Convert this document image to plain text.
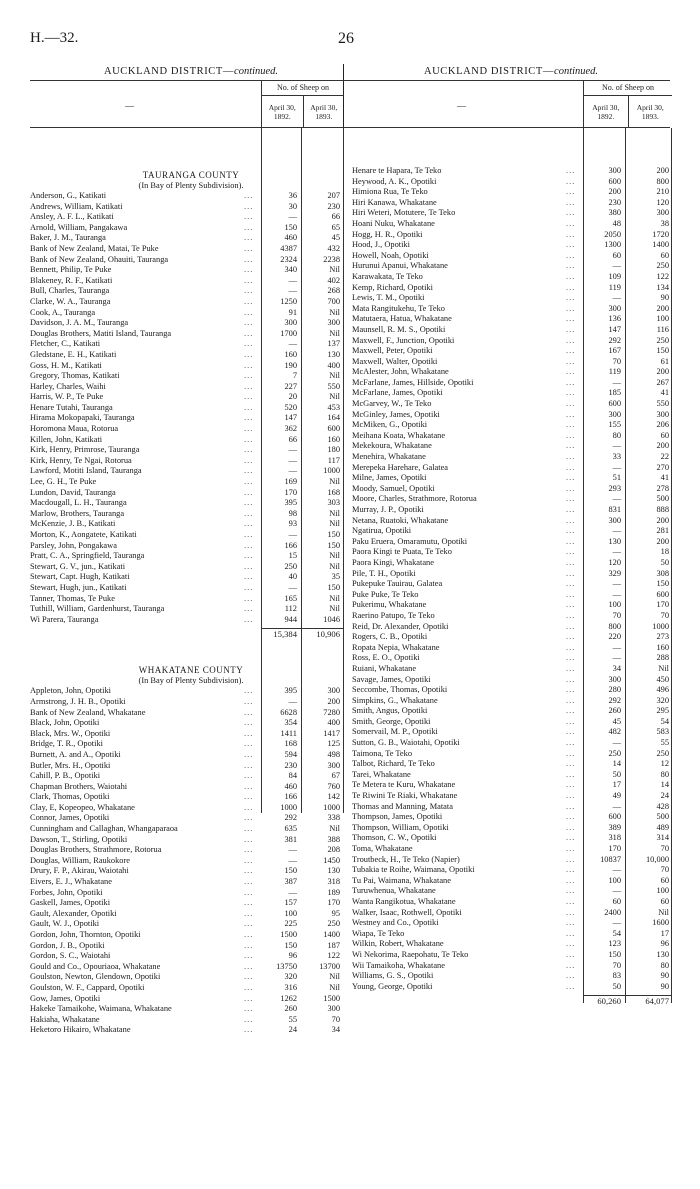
H.—32.	26
AUCKLAND DISTRICT—continued.
—
No. of Sheep on
April 30, 1892.
April 30, 1893.
TAURANGA COUNTY
(In Bay of Plenty Subdivision).
Anderson, G., Katikati	...	36	207
Andrews, William, Katikati	...	30	230
Ansley, A. F. L., Katikati	...	—	66
Arnold, William, Pangakawa	...	150	65
Baker, J. M., Tauranga	...	460	45
Bank of New Zealand, Matai, Te Puke	...	4387	432
Bank of New Zealand, Ohauiti, Tauranga	...	2324	2238
Bennett, Philip, Te Puke	...	340	Nil
Blakeney, R. F., Katikati	...	—	402
Bull, Charles, Tauranga	...	—	268
Clarke, W. A., Tauranga	...	1250	700
Cook, A., Tauranga	...	91	Nil
Davidson, J. A. M., Tauranga	...	300	300
Douglas Brothers, Matiti Island, Tauranga	...	1700	Nil
Fletcher, C., Katikati	...	—	137
Gledstane, E. H., Katikati	...	160	130
Goss, H. M., Katikati	...	190	400
Gregory, Thomas, Katikati	...	7	Nil
Harley, Charles, Waihi	...	227	550
Harris, W. P., Te Puke	...	20	Nil
Henare Tutahi, Tauranga	...	520	453
Hirama Mokopapaki, Tauranga	...	147	164
Horomona Maua, Rotorua	...	362	600
Killen, John, Katikati	...	66	160
Kirk, Henry, Primrose, Tauranga	...	—	180
Kirk, Henry, Te Ngai, Rotorua	...	—	117
Lawford, Motiti Island, Tauranga	...	—	1000
Lee, G. H., Te Puke	...	169	Nil
Lundon, David, Tauranga	...	170	168
Macdougall, L. H., Tauranga	...	395	303
Marlow, Brothers, Tauranga	...	98	Nil
McKenzie, J. B., Katikati	...	93	Nil
Morton, K., Aongatete, Katikati	...	—	150
Parsley, John, Pongakawa	...	166	150
Pratt, C. A., Springfield, Tauranga	...	15	Nil
Stewart, G. V., jun., Katikati	...	250	Nil
Stewart, Capt. Hugh, Katikati	...	40	35
Stewart, Hugh, jun., Katikati	...	—	150
Tanner, Thomas, Te Puke	...	165	Nil
Tuthill, William, Gardenhurst, Tauranga	...	112	Nil
Wi Parera, Tauranga	...	944	1046
15,384	10,906
WHAKATANE COUNTY
(In Bay of Plenty Subdivision).
Appleton, John, Opotiki	...	395	300
Armstrong, J. H. B., Opotiki	...	—	200
Bank of New Zealand, Whakatane	...	6628	7280
Black, John, Opotiki	...	354	400
Black, Mrs. W., Opotiki	...	1411	1417
Bridge, T. R., Opotiki	...	168	125
Burnett, A. and A., Opotiki	...	594	498
Butler, Mrs. H., Opotiki	...	230	300
Cahill, P. B., Opotiki	...	84	67
Chapman Brothers, Waiotahi	...	460	760
Clark, Thomas, Opotiki	...	166	142
Clay, E, Kopeopeo, Whakatane	...	1000	1000
Connor, James, Opotiki	...	292	338
Cunningham and Callaghan, Whangaparaoa	...	635	Nil
Dawson, T., Stirling, Opotiki	...	381	388
Douglas Brothers, Strathmore, Rotorua	...	—	208
Douglas, William, Raukokore	...	—	1450
Drury, F. P., Akirau, Waiotahi	...	150	130
Eivers, E. J., Whakatane	...	387	318
Forbes, John, Opotiki	...	—	189
Gaskell, James, Opotiki	...	157	170
Gault, Alexander, Opotiki	...	100	95
Gault, W. J., Opotiki	...	225	250
Gordon, John, Thornton, Opotiki	...	1500	1400
Gordon, J. B., Opotiki	...	150	187
Gordon, S. C., Waiotahi	...	96	122
Gould and Co., Opouriaoa, Whakatane	...	13750	13700
Goulston, Newton, Glendown, Opotiki	...	320	Nil
Goulston, W. F., Cappard, Opotiki	...	316	Nil
Gow, James, Opotiki	...	1262	1500
Hakeke Tamaikohe, Waimana, Whakatane	...	260	300
Hakiaha, Whakatane	...	55	70
Heketoro Hikairo, Whakatane	...	24	34
AUCKLAND DISTRICT—continued.
—
No. of Sheep on
April 30, 1892.
April 30, 1893.
Henare te Hapara, Te Teko	...	300	200
Heywood, A. K., Opotiki	...	600	800
Himiona Rua, Te Teko	...	200	210
Hiri Kanawa, Whakatane	...	230	120
Hiri Weteri, Motutere, Te Teko	...	380	300
Hoani Nuku, Whakatane	...	48	38
Hogg, H. R., Opotiki	...	2050	1720
Hood, J., Opotiki	...	1300	1400
Howell, Noah, Opotiki	...	60	60
Hurunui Apanui, Whakatane	...	—	250
Karawakata, Te Teko	...	109	122
Kemp, Richard, Opotiki	...	119	134
Lewis, T. M., Opotiki	...	—	90
Mata Rangitukehu, Te Teko	...	300	200
Matutaera, Hatua, Whakatane	...	136	100
Maunsell, R. M. S., Opotiki	...	147	116
Maxwell, F., Junction, Opotiki	...	292	250
Maxwell, Peter, Opotiki	...	167	150
Maxwell, Walter, Opotiki	...	70	61
McAlester, John, Whakatane	...	119	200
McFarlane, James, Hillside, Opotiki	...	—	267
McFarlane, James, Opotiki	...	185	41
McGarvey, W., Te Teko	...	600	550
McGinley, James, Opotiki	...	300	300
McMiken, G., Opotiki	...	155	206
Meihana Koata, Whakatane	...	80	60
Mekekoura, Whakatane	...	—	200
Menehira, Whakatane	...	33	22
Merepeka Harehare, Galatea	...	—	270
Milne, James, Opotiki	...	51	41
Moody, Samuel, Opotiki	...	293	278
Moore, Charles, Strathmore, Rotorua	...	—	500
Murray, J. P., Opotiki	...	831	888
Netana, Ruatoki, Whakatane	...	300	200
Ngatirua, Opotiki	...	—	281
Paku Eruera, Omaramutu, Opotiki	...	130	200
Paora Kingi te Puata, Te Teko	...	—	18
Paora Kingi, Whakatane	...	120	50
Pile, T. H., Opotiki	...	329	308
Pukepuke Tauirau, Galatea	...	—	150
Puke Puke, Te Teko	...	—	600
Pukerimu, Whakatane	...	100	170
Raerino Patupo, Te Teko	...	70	70
Reid, Dr. Alexander, Opotiki	...	800	1000
Rogers, C. B., Opotiki	...	220	273
Ropata Nepia, Whakatane	...	—	160
Ross, E. O., Opotiki	...	—	288
Ruiani, Whakatane	...	34	Nil
Savage, James, Opotiki	...	300	450
Seccombe, Thomas, Opotiki	...	280	496
Simpkins, G., Whakatane	...	292	320
Smith, Angus, Opotiki	...	260	295
Smith, George, Opotiki	...	45	54
Somervail, M. P., Opotiki	...	482	583
Sutton, G. B., Waiotahi, Opotiki	...	—	55
Taimona, Te Teko	...	250	250
Talbot, Richard, Te Teko	...	14	12
Tarei, Whakatane	...	50	80
Te Metera te Kuru, Whakatane	...	17	14
Te Riwini Te Riaki, Whakatane	...	49	24
Thomas and Manning, Matata	...	—	428
Thompson, James, Opotiki	...	600	500
Thompson, William, Opotiki	...	389	489
Thomson, C. W., Opotiki	...	318	314
Toma, Whakatane	...	170	70
Troutbeck, H., Te Teko (Napier)	...	10837	10,000
Tubakia te Roihe, Waimana, Opotiki	...	—	70
Tu Pai, Waimana, Whakatane	...	100	60
Turuwhenua, Whakatane	...	—	100
Wanta Rangikotua, Whakatane	...	60	60
Walker, Isaac, Rothwell, Opotiki	...	2400	Nil
Westney and Co., Opotiki	...	—	1600
Wiapa, Te Teko	...	54	17
Wilkin, Robert, Whakatane	...	123	96
Wi Nekorima, Raepohatu, Te Teko	...	150	130
Wii Tamaikoha, Whakatane	...	70	80
Williams, G. S., Opotiki	...	83	90
Young, George, Opotiki	...	50	90
60,260	64,077
